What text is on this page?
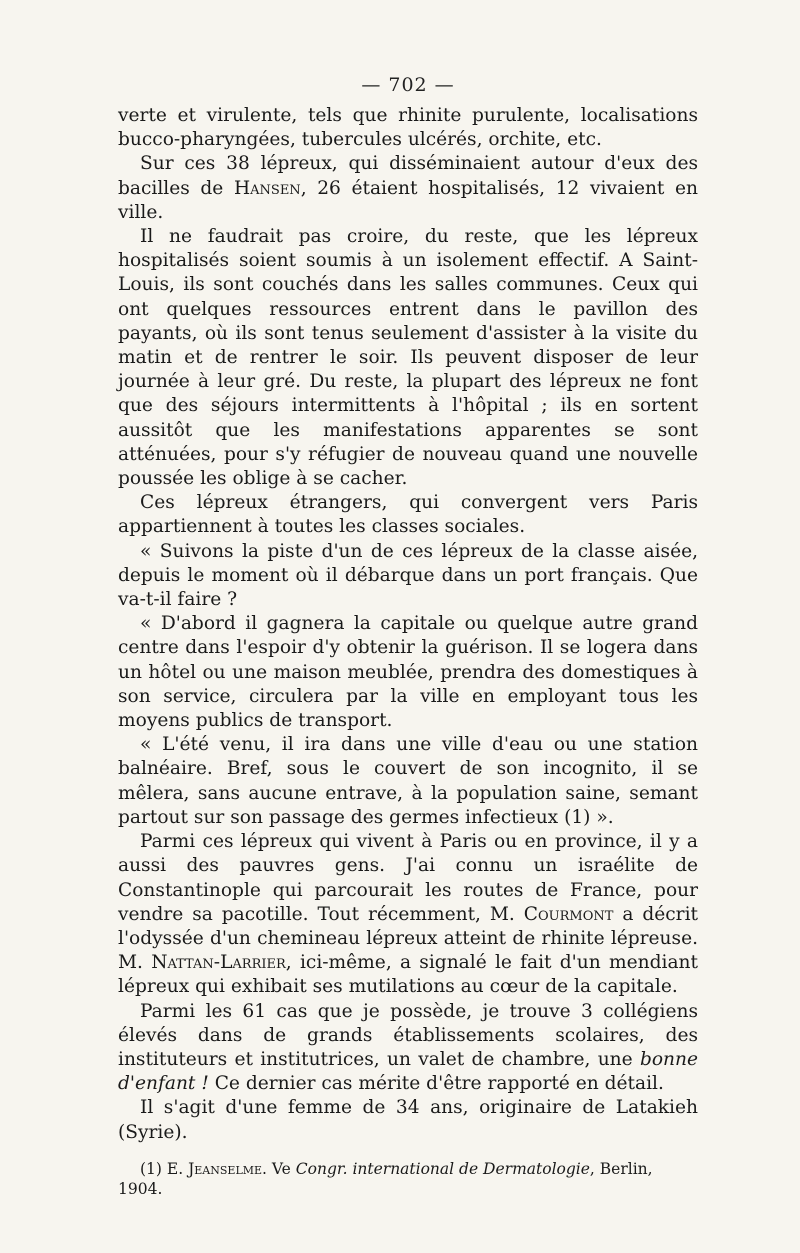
— 702 —

verte et virulente, tels que rhinite purulente, localisations bucco-pharyngées, tubercules ulcérés, orchite, etc.

Sur ces 38 lépreux, qui disséminaient autour d'eux des bacilles de Hansen, 26 étaient hospitalisés, 12 vivaient en ville.

Il ne faudrait pas croire, du reste, que les lépreux hospitalisés soient soumis à un isolement effectif. A Saint-Louis, ils sont couchés dans les salles communes. Ceux qui ont quelques ressources entrent dans le pavillon des payants, où ils sont tenus seulement d'assister à la visite du matin et de rentrer le soir. Ils peuvent disposer de leur journée à leur gré. Du reste, la plupart des lépreux ne font que des séjours intermittents à l'hôpital ; ils en sortent aussitôt que les manifestations apparentes se sont atténuées, pour s'y réfugier de nouveau quand une nouvelle poussée les oblige à se cacher.

Ces lépreux étrangers, qui convergent vers Paris appartiennent à toutes les classes sociales.

« Suivons la piste d'un de ces lépreux de la classe aisée, depuis le moment où il débarque dans un port français. Que va-t-il faire ?

« D'abord il gagnera la capitale ou quelque autre grand centre dans l'espoir d'y obtenir la guérison. Il se logera dans un hôtel ou une maison meublée, prendra des domestiques à son service, circulera par la ville en employant tous les moyens publics de transport.

« L'été venu, il ira dans une ville d'eau ou une station balnéaire. Bref, sous le couvert de son incognito, il se mêlera, sans aucune entrave, à la population saine, semant partout sur son passage des germes infectieux (1) ».

Parmi ces lépreux qui vivent à Paris ou en province, il y a aussi des pauvres gens. J'ai connu un israélite de Constantinople qui parcourait les routes de France, pour vendre sa pacotille. Tout récemment, M. Courmont a décrit l'odyssée d'un chemineau lépreux atteint de rhinite lépreuse. M. Nattan-Larrier, ici-même, a signalé le fait d'un mendiant lépreux qui exhibait ses mutilations au cœur de la capitale.

Parmi les 61 cas que je possède, je trouve 3 collégiens élevés dans de grands établissements scolaires, des instituteurs et institutrices, un valet de chambre, une bonne d'enfant ! Ce dernier cas mérite d'être rapporté en détail.

Il s'agit d'une femme de 34 ans, originaire de Latakieh (Syrie).

(1) E. Jeanselme. Ve Congr. international de Dermatologie, Berlin, 1904.
